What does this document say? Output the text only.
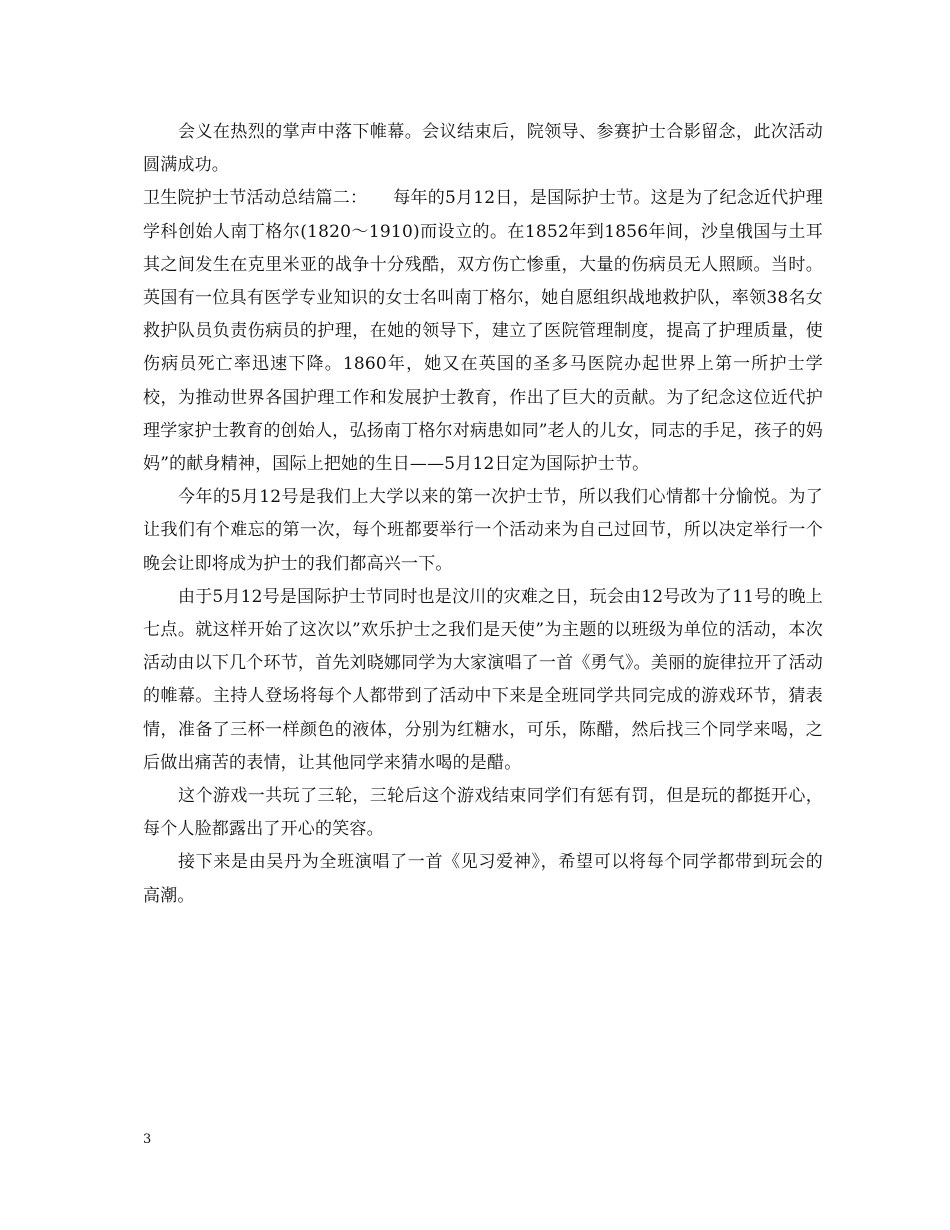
会义在热烈的掌声中落下帷幕。会议结束后，院领导、参赛护士合影留念，此次活动圆满成功。

卫生院护士节活动总结篇二：　　每年的5月12日，是国际护士节。这是为了纪念近代护理学科创始人南丁格尔(1820～1910)而设立的。在1852年到1856年间，沙皇俄国与土耳其之间发生在克里米亚的战争十分残酷，双方伤亡惨重，大量的伤病员无人照顾。当时。英国有一位具有医学专业知识的女士名叫南丁格尔，她自愿组织战地救护队，率领38名女救护队员负责伤病员的护理，在她的领导下，建立了医院管理制度，提高了护理质量，使伤病员死亡率迅速下降。1860年，她又在英国的圣多马医院办起世界上第一所护士学校，为推动世界各国护理工作和发展护士教育，作出了巨大的贡献。为了纪念这位近代护理学家护士教育的创始人，弘扬南丁格尔对病患如同”老人的儿女，同志的手足，孩子的妈妈”的献身精神，国际上把她的生日——5月12日定为国际护士节。

今年的5月12号是我们上大学以来的第一次护士节，所以我们心情都十分愉悦。为了让我们有个难忘的第一次，每个班都要举行一个活动来为自己过回节，所以决定举行一个晚会让即将成为护士的我们都高兴一下。

由于5月12号是国际护士节同时也是汶川的灾难之日，玩会由12号改为了11号的晚上七点。就这样开始了这次以”欢乐护士之我们是天使”为主题的以班级为单位的活动，本次活动由以下几个环节，首先刘晓娜同学为大家演唱了一首《勇气》。美丽的旋律拉开了活动的帷幕。主持人登场将每个人都带到了活动中下来是全班同学共同完成的游戏环节，猜表情，准备了三杯一样颜色的液体，分别为红糖水，可乐，陈醋，然后找三个同学来喝，之后做出痛苦的表情，让其他同学来猜水喝的是醋。

这个游戏一共玩了三轮，三轮后这个游戏结束同学们有惩有罚，但是玩的都挺开心，每个人脸都露出了开心的笑容。

接下来是由吴丹为全班演唱了一首《见习爱神》，希望可以将每个同学都带到玩会的高潮。

3
